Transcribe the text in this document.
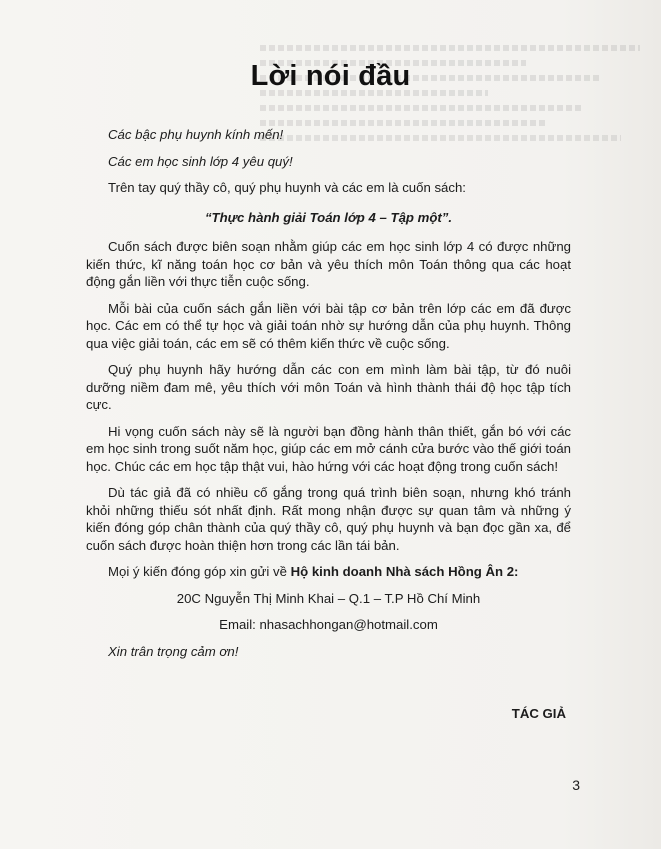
Lời nói đầu

Các bậc phụ huynh kính mến!

Các em học sinh lớp 4 yêu quý!

Trên tay quý thầy cô, quý phụ huynh và các em là cuốn sách:

“Thực hành giải Toán lớp 4 – Tập một”.

Cuốn sách được biên soạn nhằm giúp các em học sinh lớp 4 có được những kiến thức, kĩ năng toán học cơ bản và yêu thích môn Toán thông qua các hoạt động gắn liền với thực tiễn cuộc sống.

Mỗi bài của cuốn sách gắn liền với bài tập cơ bản trên lớp các em đã được học. Các em có thể tự học và giải toán nhờ sự hướng dẫn của phụ huynh. Thông qua việc giải toán, các em sẽ có thêm kiến thức về cuộc sống.

Quý phụ huynh hãy hướng dẫn các con em mình làm bài tập, từ đó nuôi dưỡng niềm đam mê, yêu thích với môn Toán và hình thành thái độ học tập tích cực.

Hi vọng cuốn sách này sẽ là người bạn đồng hành thân thiết, gắn bó với các em học sinh trong suốt năm học, giúp các em mở cánh cửa bước vào thế giới toán học. Chúc các em học tập thật vui, hào hứng với các hoạt động trong cuốn sách!

Dù tác giả đã có nhiều cố gắng trong quá trình biên soạn, nhưng khó tránh khỏi những thiếu sót nhất định. Rất mong nhận được sự quan tâm và những ý kiến đóng góp chân thành của quý thầy cô, quý phụ huynh và bạn đọc gần xa, để cuốn sách được hoàn thiện hơn trong các lần tái bản.

Mọi ý kiến đóng góp xin gửi về Hộ kinh doanh Nhà sách Hồng Ân 2:

20C Nguyễn Thị Minh Khai – Q.1 – T.P Hồ Chí Minh

Email: nhasachhongan@hotmail.com

Xin trân trọng cảm ơn!

TÁC GIẢ
3
